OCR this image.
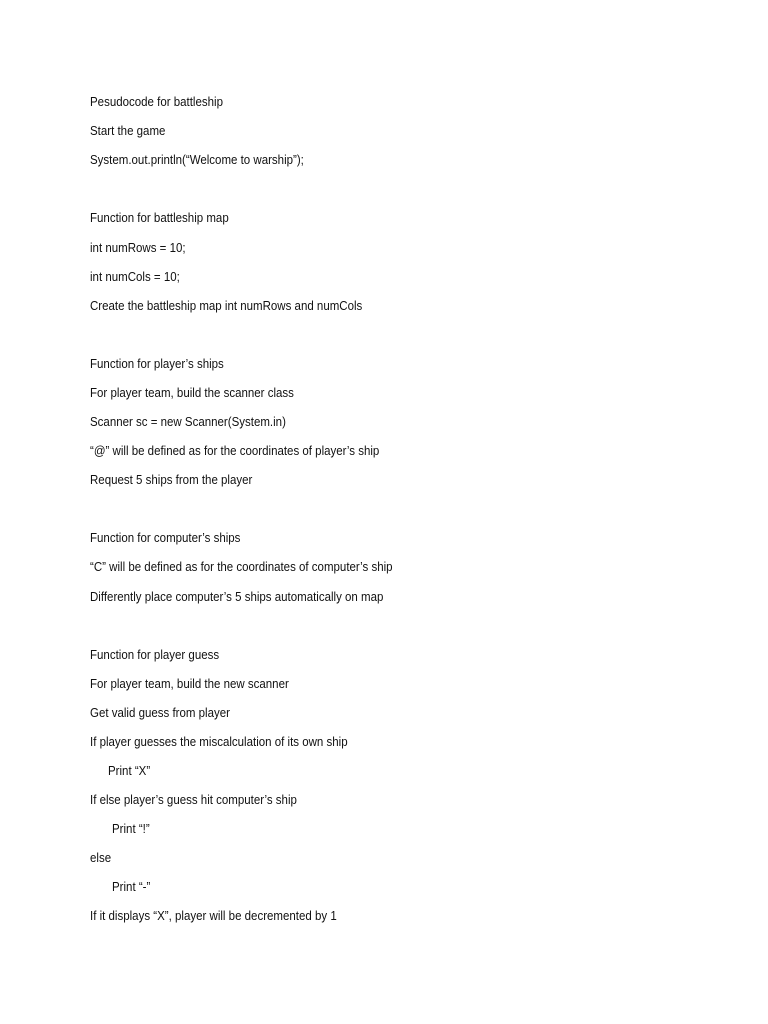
Pesudocode for battleship

Start the game

System.out.println(“Welcome to warship”);

Function for battleship map

int numRows = 10;

int numCols = 10;

Create the battleship map int numRows and numCols

Function for player’s ships

For player team, build the scanner class

Scanner sc = new Scanner(System.in)

“@” will be defined as for the coordinates of player’s ship

Request 5 ships from the player

Function for computer’s ships

“C” will be defined as for the coordinates of computer’s ship

Differently place computer’s 5 ships automatically on map

Function for player guess

For player team, build the new scanner

Get valid guess from player

If player guesses the miscalculation of its own ship

Print “X”

If else player’s guess hit computer’s ship

Print “!”

else

Print “-”

If it displays “X”, player will be decremented by 1
